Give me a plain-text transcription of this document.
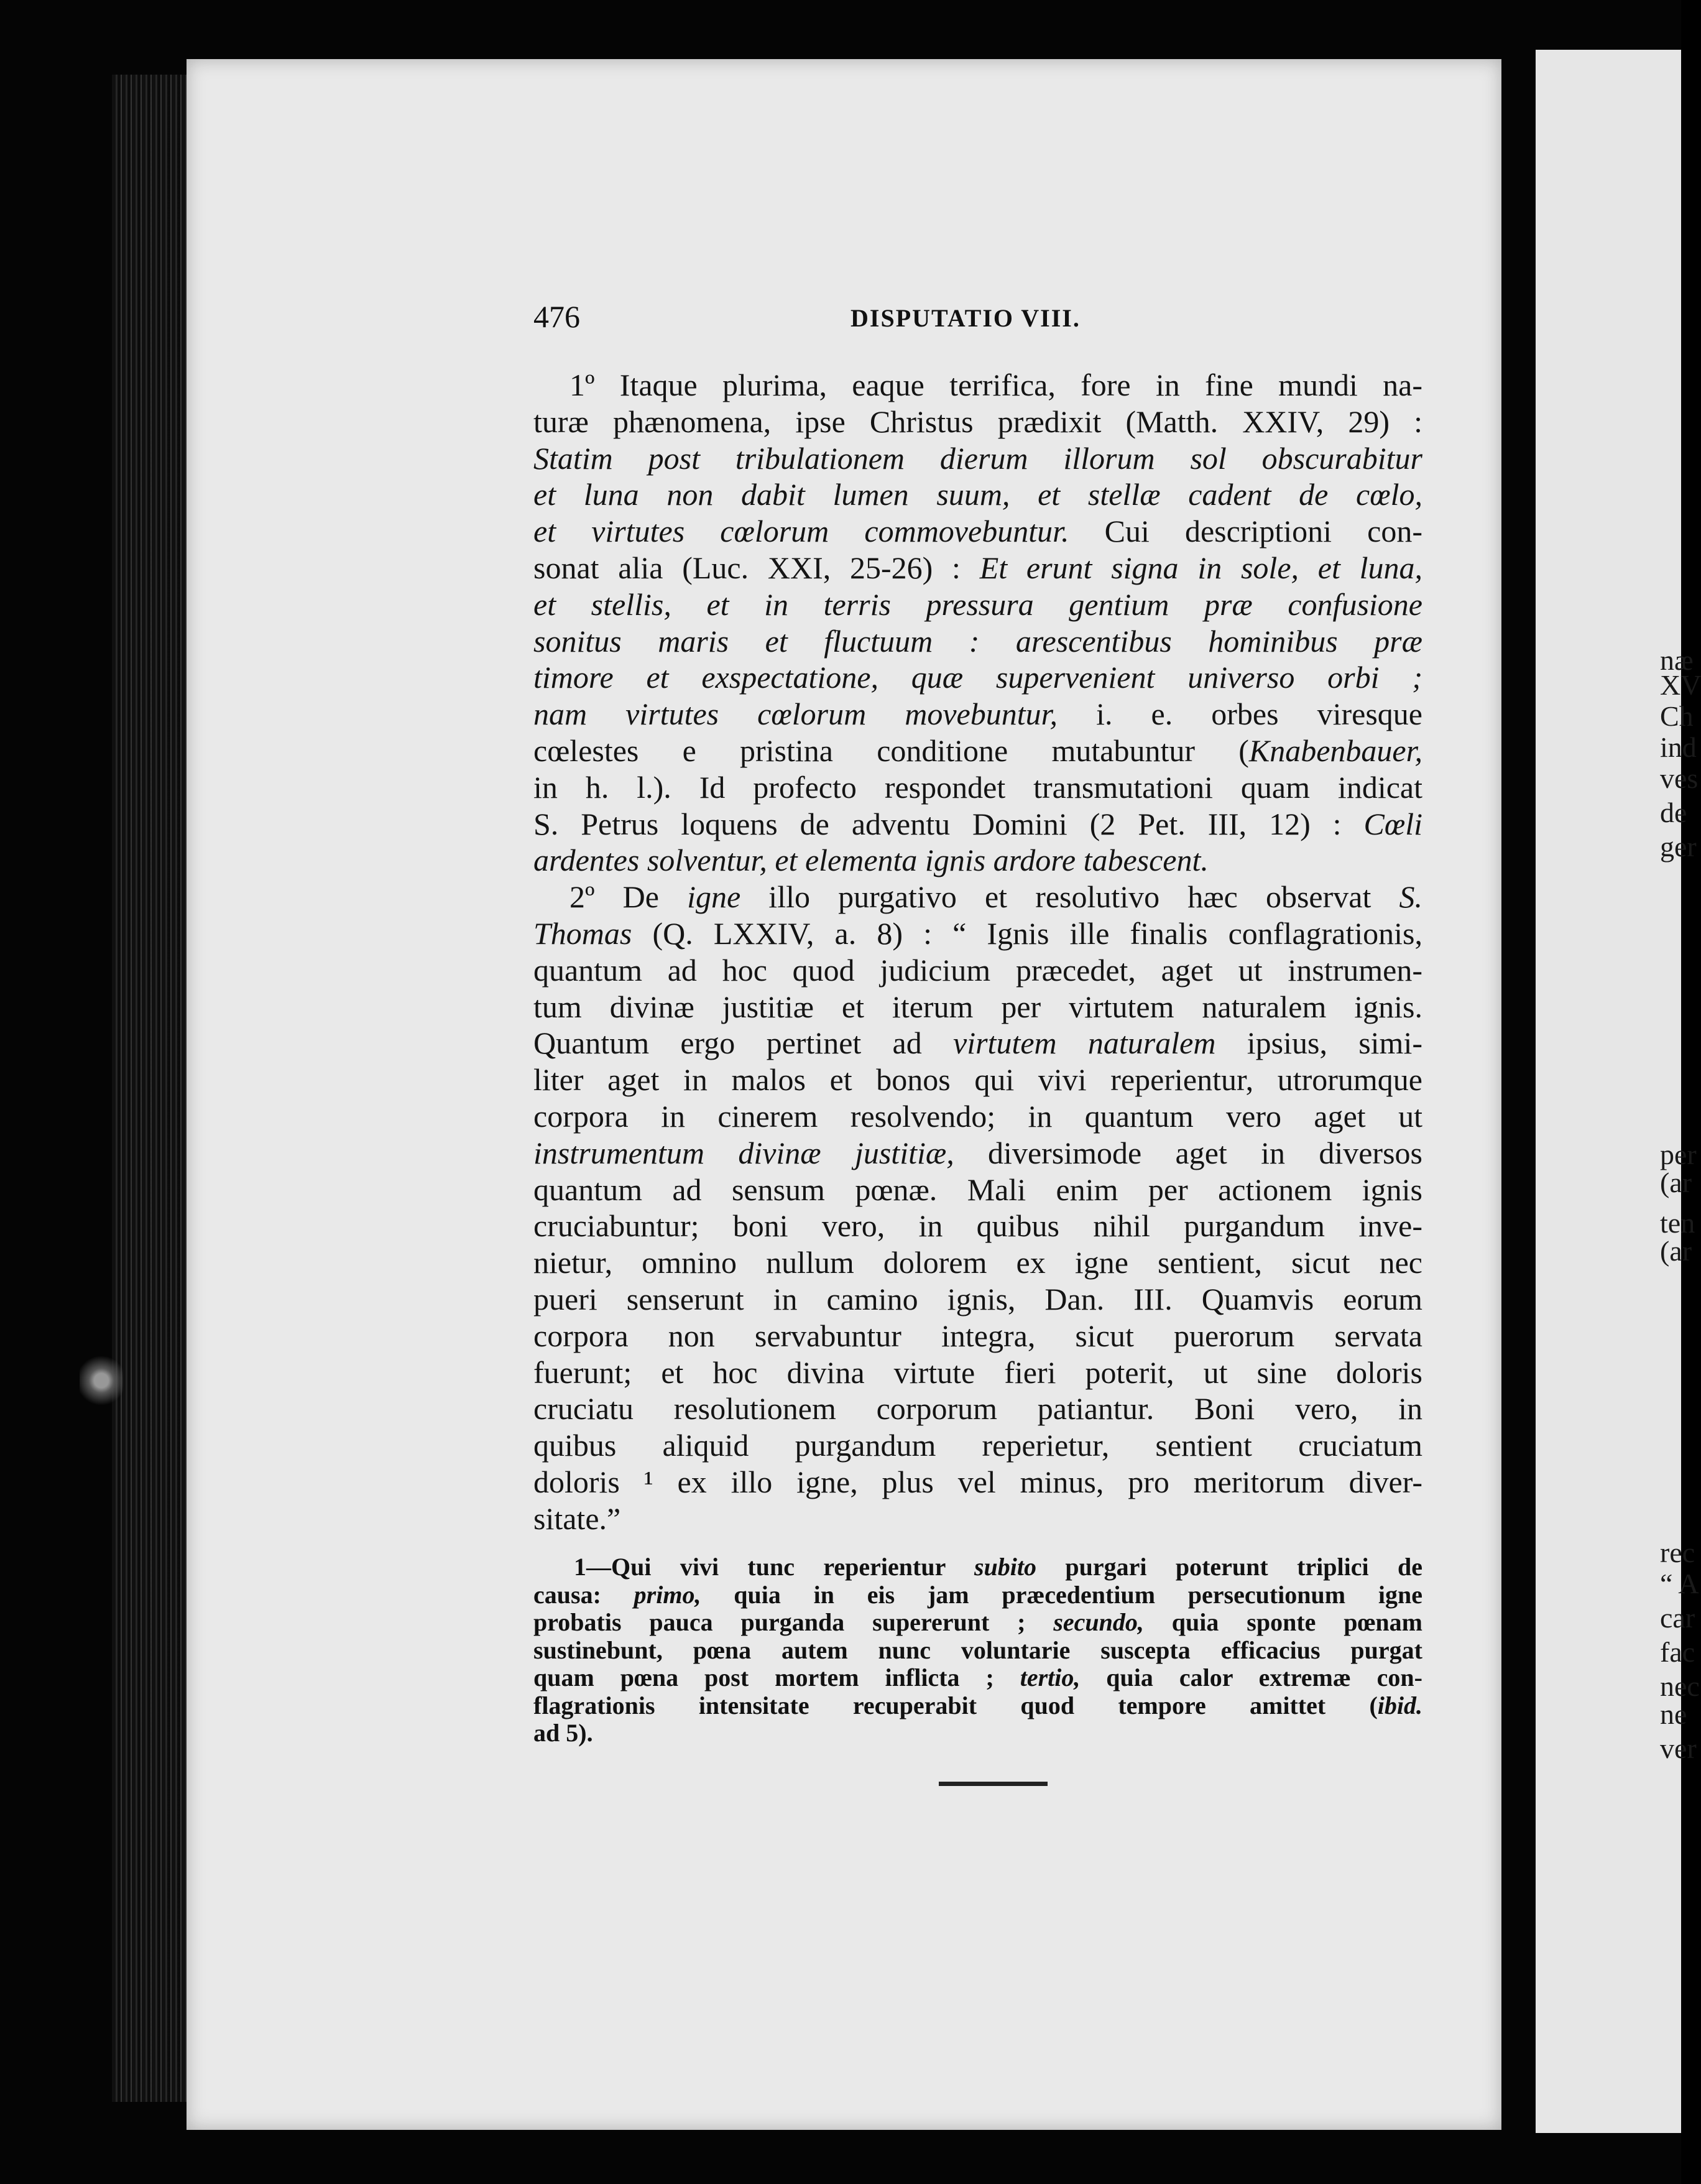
næ
XV
Ch
ind
ves
de
ger
per
(ar
ten
(ar
rec
“ A
car
fac
nec
ne
ver
476	DISPUTATIO VIII.
1º Itaque plurima, eaque terrifica, fore in fine mundi na-
turæ phænomena, ipse Christus prædixit (Matth. XXIV, 29) :
Statim post tribulationem dierum illorum sol obscurabitur
et luna non dabit lumen suum, et stellæ cadent de cœlo,
et virtutes cœlorum commovebuntur. Cui descriptioni con-
sonat alia (Luc. XXI, 25-26) : Et erunt signa in sole, et luna,
et stellis, et in terris pressura gentium præ confusione
sonitus maris et fluctuum : arescentibus hominibus præ
timore et exspectatione, quæ supervenient universo orbi ;
nam virtutes cœlorum movebuntur, i. e. orbes viresque
cœlestes e pristina conditione mutabuntur (Knabenbauer,
in h. l.). Id profecto respondet transmutationi quam indicat
S. Petrus loquens de adventu Domini (2 Pet. III, 12) : Cœli
ardentes solventur, et elementa ignis ardore tabescent.
2º De igne illo purgativo et resolutivo hæc observat S.
Thomas (Q. LXXIV, a. 8) : “ Ignis ille finalis conflagrationis,
quantum ad hoc quod judicium præcedet, aget ut instrumen-
tum divinæ justitiæ et iterum per virtutem naturalem ignis.
Quantum ergo pertinet ad virtutem naturalem ipsius, simi-
liter aget in malos et bonos qui vivi reperientur, utrorumque
corpora in cinerem resolvendo; in quantum vero aget ut
instrumentum divinæ justitiæ, diversimode aget in diversos
quantum ad sensum pœnæ. Mali enim per actionem ignis
cruciabuntur; boni vero, in quibus nihil purgandum inve-
nietur, omnino nullum dolorem ex igne sentient, sicut nec
pueri senserunt in camino ignis, Dan. III. Quamvis eorum
corpora non servabuntur integra, sicut puerorum servata
fuerunt; et hoc divina virtute fieri poterit, ut sine doloris
cruciatu resolutionem corporum patiantur. Boni vero, in
quibus aliquid purgandum reperietur, sentient cruciatum
doloris ¹ ex illo igne, plus vel minus, pro meritorum diver-
sitate.”
1—Qui vivi tunc reperientur subito purgari poterunt triplici de
causa: primo, quia in eis jam præcedentium persecutionum igne
probatis pauca purganda supererunt ; secundo, quia sponte pœnam
sustinebunt, pœna autem nunc voluntarie suscepta efficacius purgat
quam pœna post mortem inflicta ; tertio, quia calor extremæ con-
flagrationis intensitate recuperabit quod tempore amittet (ibid.
ad 5).
